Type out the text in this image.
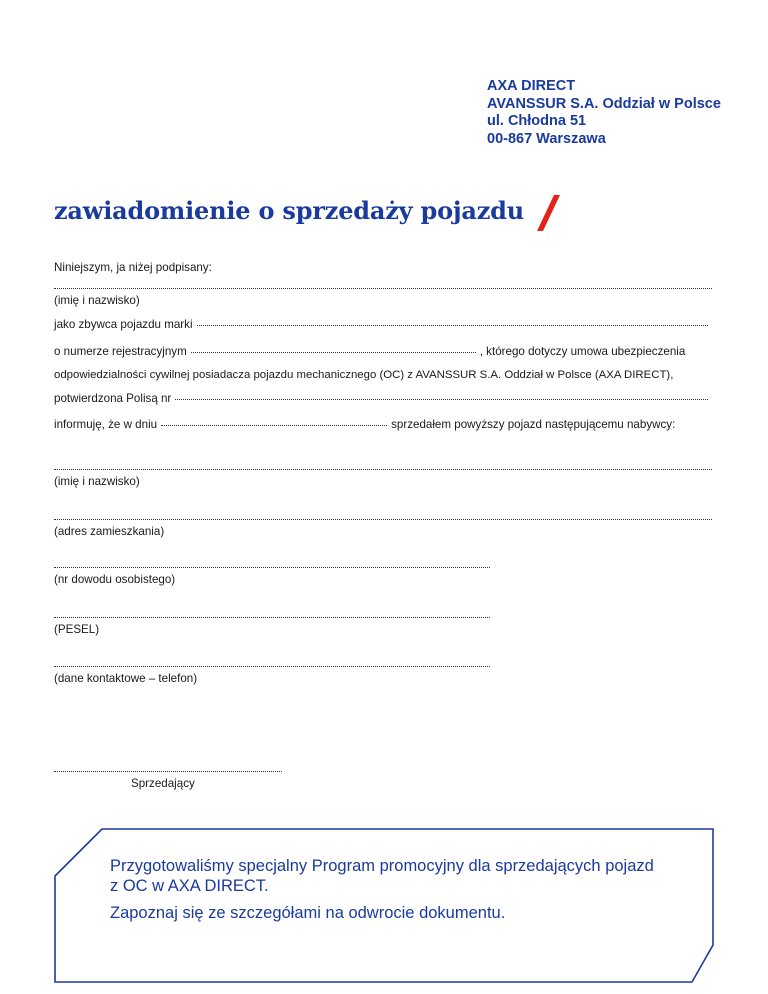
AXA DIRECT
AVANSSUR S.A. Oddział w Polsce
ul. Chłodna 51
00-867 Warszawa
zawiadomienie o sprzedaży pojazdu
Niniejszym, ja niżej podpisany:
(imię i nazwisko)
jako zbywca pojazdu marki
o numerze rejestracyjnym	, którego dotyczy umowa ubezpieczenia
odpowiedzialności cywilnej posiadacza pojazdu mechanicznego (OC) z AVANSSUR S.A. Oddział w Polsce (AXA DIRECT),
potwierdzona Polisą nr
informuję, że w dniu	sprzedałem powyższy pojazd następującemu nabywcy:
(imię i nazwisko)
(adres zamieszkania)
(nr dowodu osobistego)
(PESEL)
(dane kontaktowe – telefon)
Sprzedający
Przygotowaliśmy specjalny Program promocyjny dla sprzedających pojazd
z OC w AXA DIRECT.
Zapoznaj się ze szczegółami na odwrocie dokumentu.
